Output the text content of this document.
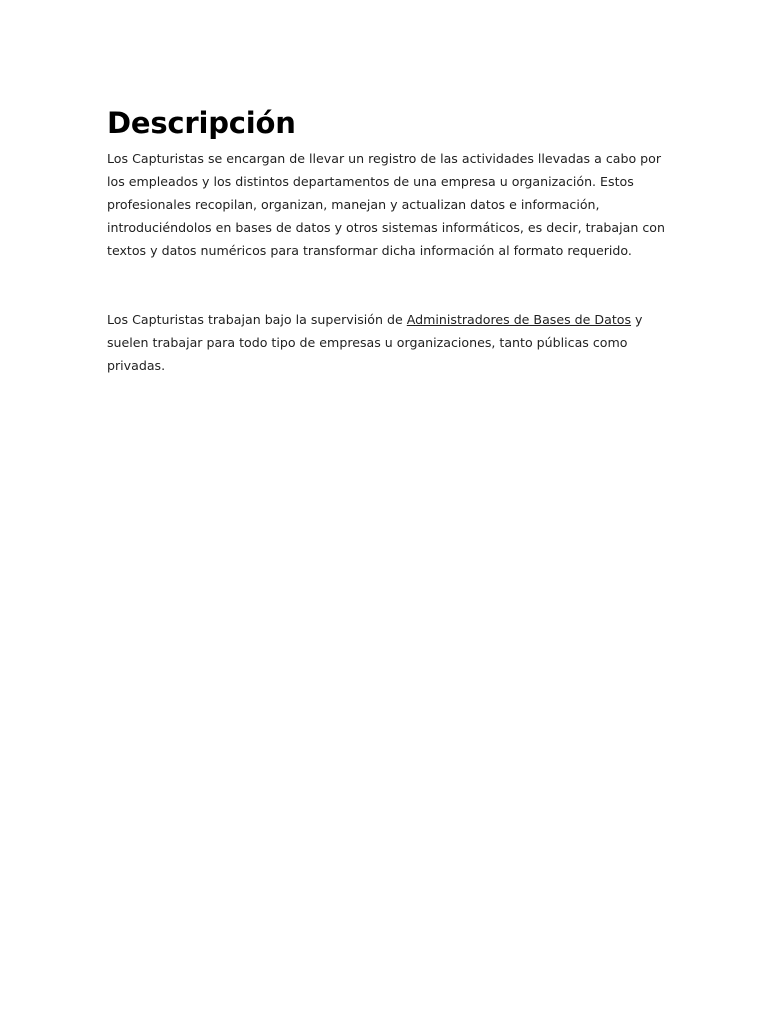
Descripción

Los Capturistas se encargan de llevar un registro de las actividades llevadas a cabo por los empleados y los distintos departamentos de una empresa u organización. Estos profesionales recopilan, organizan, manejan y actualizan datos e información, introduciéndolos en bases de datos y otros sistemas informáticos, es decir, trabajan con textos y datos numéricos para transformar dicha información al formato requerido.

Los Capturistas trabajan bajo la supervisión de Administradores de Bases de Datos y suelen trabajar para todo tipo de empresas u organizaciones, tanto públicas como privadas.
